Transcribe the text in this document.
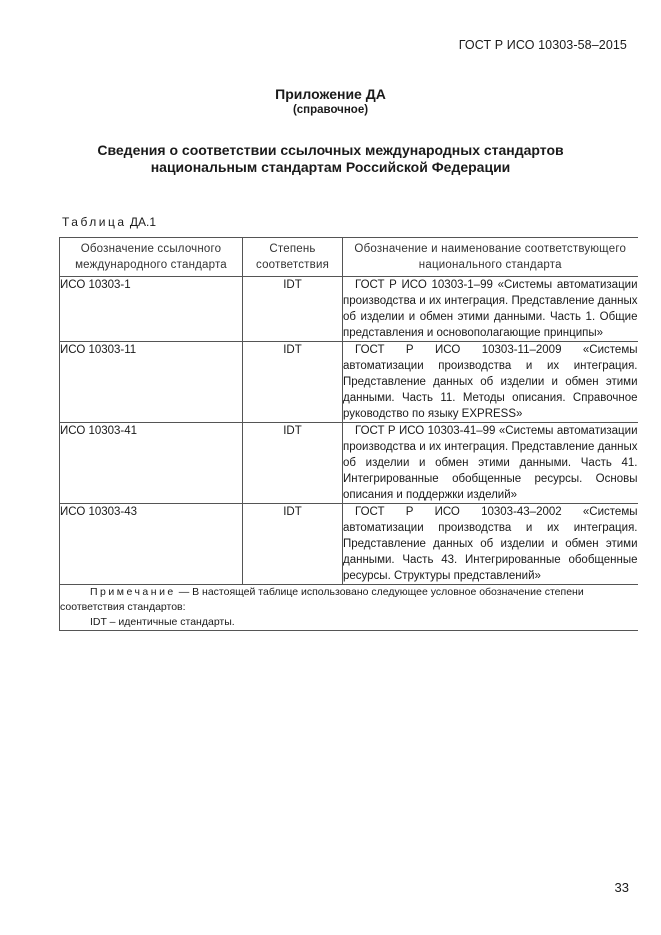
ГОСТ Р ИСО 10303-58–2015
Приложение ДА
(справочное)
Сведения о соответствии ссылочных международных стандартов
национальным стандартам Российской Федерации
Таблица ДА.1
Обозначение ссылочного международного стандарта	Степень соответствия	Обозначение и наименование соответствующего национального стандарта
ИСО 10303-1	IDT	ГОСТ Р ИСО 10303-1–99 «Системы автоматизации производства и их интеграция. Представление данных об изделии и обмен этими данными. Часть 1. Общие представления и основополагающие принципы»

ИСО 10303-11	IDT	ГОСТ Р ИСО 10303-11–2009 «Системы автоматизации производства и их интеграция. Представление данных об изделии и обмен этими данными. Часть 11. Методы описания. Справочное руководство по языку EXPRESS»

ИСО 10303-41	IDT	ГОСТ Р ИСО 10303-41–99 «Системы автоматизации производства и их интеграция. Представление данных об изделии и обмен этими данными. Часть 41. Интегрированные обобщенные ресурсы. Основы описания и поддержки изделий»

ИСО 10303-43	IDT	ГОСТ Р ИСО 10303-43–2002 «Системы автоматизации производства и их интеграция. Представление данных об изделии и обмен этими данными. Часть 43. Интегрированные обобщенные ресурсы. Структуры представлений»

Примечание — В настоящей таблице использовано следующее условное обозначение степени соответствия стандартов:
IDT – идентичные стандарты.		
33
